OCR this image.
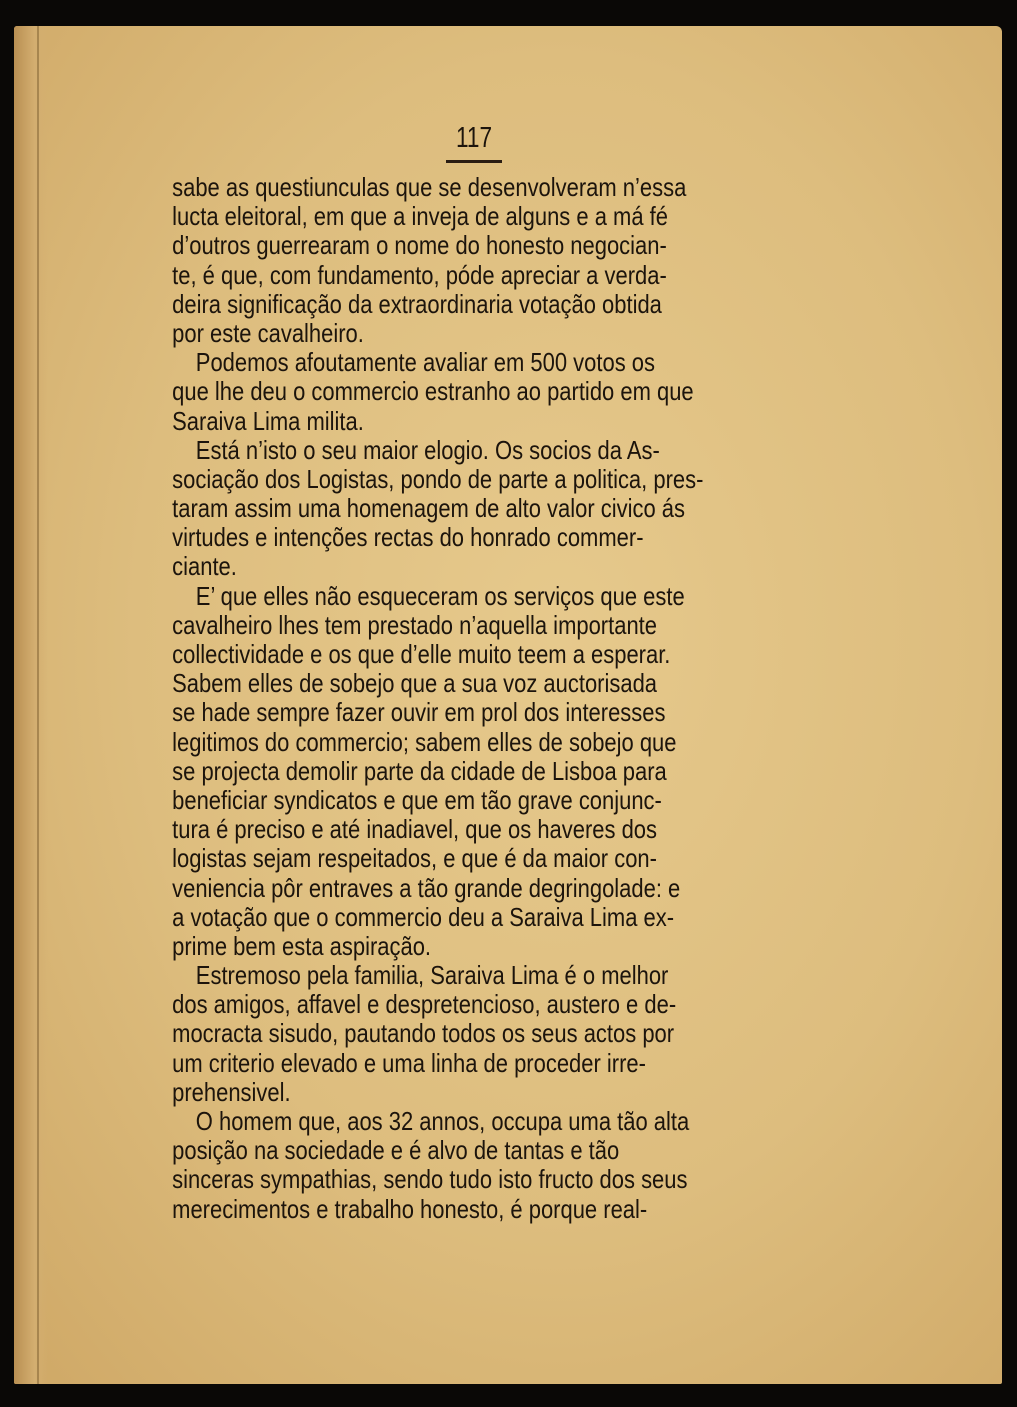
117
sabe as questiunculas que se desenvolveram n’essa
lucta eleitoral, em que a inveja de alguns e a má fé
d’outros guerrearam o nome do honesto negocian-
te, é que, com fundamento, póde apreciar a verda-
deira significação da extraordinaria votação obtida
por este cavalheiro.
Podemos afoutamente avaliar em 500 votos os
que lhe deu o commercio estranho ao partido em que
Saraiva Lima milita.
Está n’isto o seu maior elogio. Os socios da As-
sociação dos Logistas, pondo de parte a politica, pres-
taram assim uma homenagem de alto valor civico ás
virtudes e intenções rectas do honrado commer-
ciante.
E’ que elles não esqueceram os serviços que este
cavalheiro lhes tem prestado n’aquella importante
collectividade e os que d’elle muito teem a esperar.
Sabem elles de sobejo que a sua voz auctorisada
se hade sempre fazer ouvir em prol dos interesses
legitimos do commercio; sabem elles de sobejo que
se projecta demolir parte da cidade de Lisboa para
beneficiar syndicatos e que em tão grave conjunc-
tura é preciso e até inadiavel, que os haveres dos
logistas sejam respeitados, e que é da maior con-
veniencia pôr entraves a tão grande degringolade: e
a votação que o commercio deu a Saraiva Lima ex-
prime bem esta aspiração.
Estremoso pela familia, Saraiva Lima é o melhor
dos amigos, affavel e despretencioso, austero e de-
mocracta sisudo, pautando todos os seus actos por
um criterio elevado e uma linha de proceder irre-
prehensivel.
O homem que, aos 32 annos, occupa uma tão alta
posição na sociedade e é alvo de tantas e tão
sinceras sympathias, sendo tudo isto fructo dos seus
merecimentos e trabalho honesto, é porque real-
